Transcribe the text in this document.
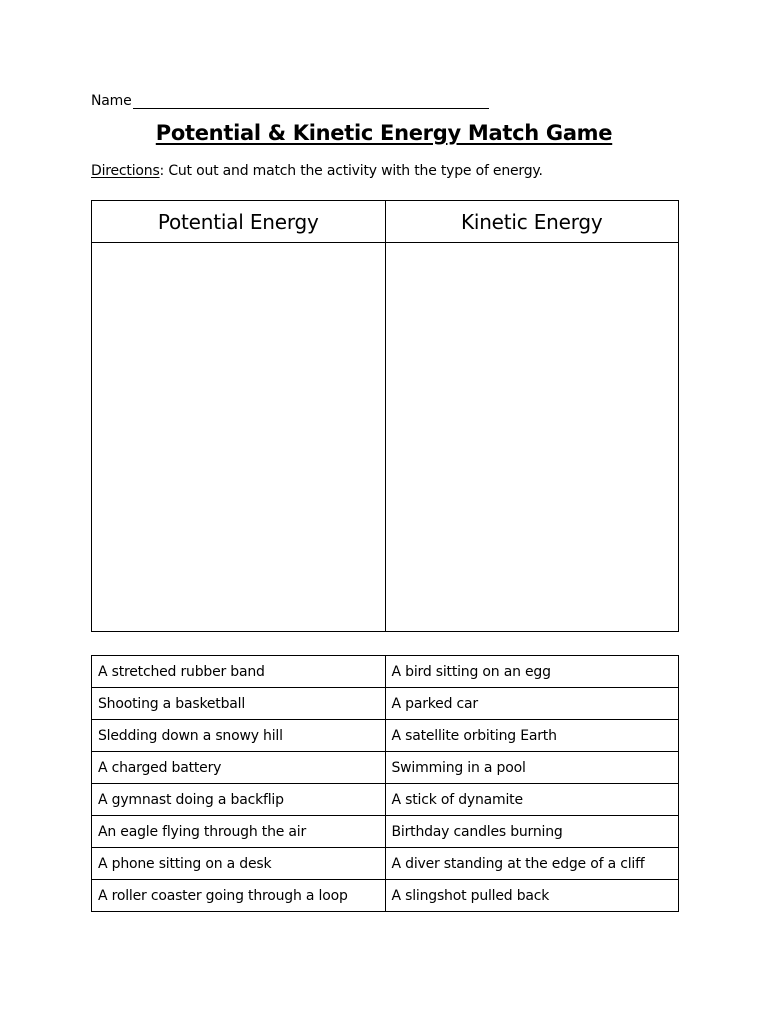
Name
Potential & Kinetic Energy Match Game
Directions: Cut out and match the activity with the type of energy.
Potential Energy	Kinetic Energy

A stretched rubber band	A bird sitting on an egg
Shooting a basketball	A parked car
Sledding down a snowy hill	A satellite orbiting Earth
A charged battery	Swimming in a pool
A gymnast doing a backflip	A stick of dynamite
An eagle flying through the air	Birthday candles burning
A phone sitting on a desk	A diver standing at the edge of a cliff
A roller coaster going through a loop	A slingshot pulled back
